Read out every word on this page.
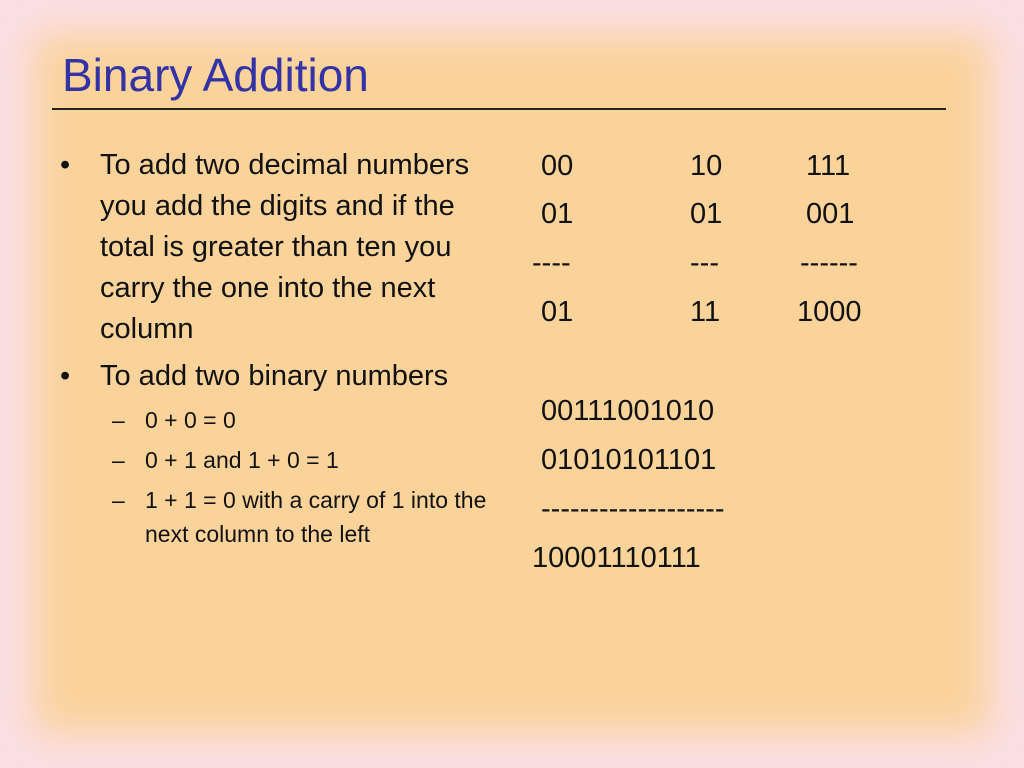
Binary Addition
• To add two decimal numbers you add the digits and if the total is greater than ten you carry the one into the next column
• To add two binary numbers
– 0 + 0 = 0
– 0 + 1 and 1 + 0 = 1
– 1 + 1 = 0 with a carry of 1 into the next column to the left
00
01
----
01
10
01
---
11
111
001
------
1000
00111001010
01010101101
-------------------
10001110111
